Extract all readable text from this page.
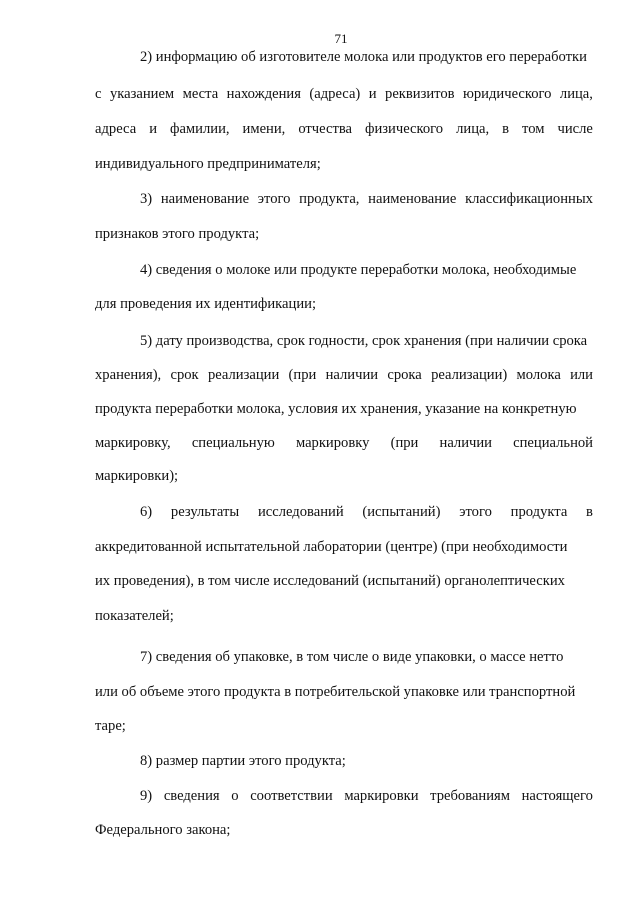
71
2) информацию об изготовителе молока или продуктов его переработки
с указанием места нахождения (адреса) и реквизитов юридического лица,
адреса и фамилии, имени, отчества физического лица, в том числе
индивидуального предпринимателя;
3) наименование этого продукта, наименование классификационных
признаков этого продукта;
4) сведения о молоке или продукте переработки молока, необходимые
для проведения их идентификации;
5) дату производства, срок годности, срок хранения (при наличии срока
хранения), срок реализации (при наличии срока реализации) молока или
продукта переработки молока, условия их хранения, указание на конкретную
маркировку, специальную маркировку (при наличии специальной
маркировки);
6) результаты исследований (испытаний) этого продукта в
аккредитованной испытательной лаборатории (центре) (при необходимости
их проведения), в том числе исследований (испытаний) органолептических
показателей;
7) сведения об упаковке, в том числе о виде упаковки, о массе нетто
или об объеме этого продукта в потребительской упаковке или транспортной
таре;
8) размер партии этого продукта;
9) сведения о соответствии маркировки требованиям настоящего
Федерального закона;
